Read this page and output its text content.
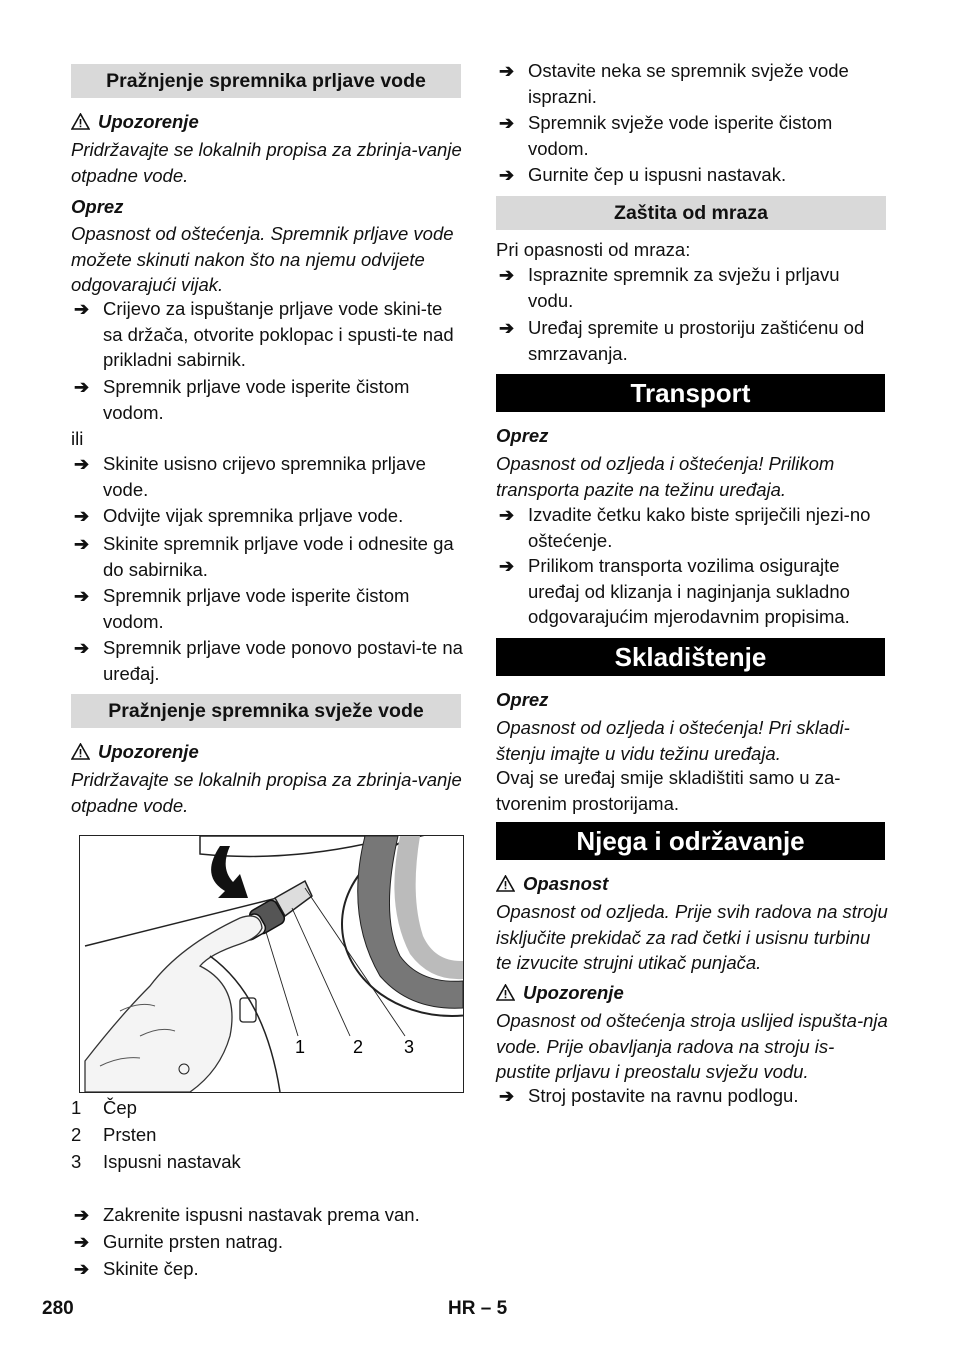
Pražnjenje spremnika prljave vode
Upozorenje
Pridržavajte se lokalnih propisa za zbrinja-vanje otpadne vode.
Oprez
Opasnost od oštećenja. Spremnik prljave vode možete skinuti nakon što na njemu odvijete odgovarajući vijak.
➔ Crijevo za ispuštanje prljave vode skini-te sa držača, otvorite poklopac i spusti-te nad prikladni sabirnik.
➔ Spremnik prljave vode isperite čistom vodom.
ili
➔ Skinite usisno crijevo spremnika prljave vode.
➔ Odvijte vijak spremnika prljave vode.
➔ Skinite spremnik prljave vode i odnesite ga do sabirnika.
➔ Spremnik prljave vode isperite čistom vodom.
➔ Spremnik prljave vode ponovo postavi-te na uređaj.
Pražnjenje spremnika svježe vode
Upozorenje
Pridržavajte se lokalnih propisa za zbrinja-vanje otpadne vode.
1 Čep
2 Prsten
3 Ispusni nastavak
➔ Zakrenite ispusni nastavak prema van.
➔ Gurnite prsten natrag.
➔ Skinite čep.
1	2 3
➔ Ostavite neka se spremnik svježe vode isprazni.
➔ Spremnik svježe vode isperite čistom vodom.
➔ Gurnite čep u ispusni nastavak.
Zaštita od mraza
Pri opasnosti od mraza:
➔ Ispraznite spremnik za svježu i prljavu vodu.
➔ Uređaj spremite u prostoriju zaštićenu od smrzavanja.
Transport
Oprez
Opasnost od ozljeda i oštećenja! Prilikom transporta pazite na težinu uređaja.
➔ Izvadite četku kako biste spriječili njezi-no oštećenje.
➔ Prilikom transporta vozilima osigurajte uređaj od klizanja i naginjanja sukladno odgovarajućim mjerodavnim propisima.
Skladištenje
Oprez
Opasnost od ozljeda i oštećenja! Pri skladi-štenju imajte u vidu težinu uređaja.
Ovaj se uređaj smije skladištiti samo u za-tvorenim prostorijama.
Njega i održavanje
Opasnost
Opasnost od ozljeda. Prije svih radova na stroju isključite prekidač za rad četki i usisnu turbinu te izvucite strujni utikač punjača.
Upozorenje
Opasnost od oštećenja stroja uslijed ispušta-nja vode. Prije obavljanja radova na stroju is-pustite prljavu i preostalu svježu vodu.
➔ Stroj postavite na ravnu podlogu.
280	HR – 5
